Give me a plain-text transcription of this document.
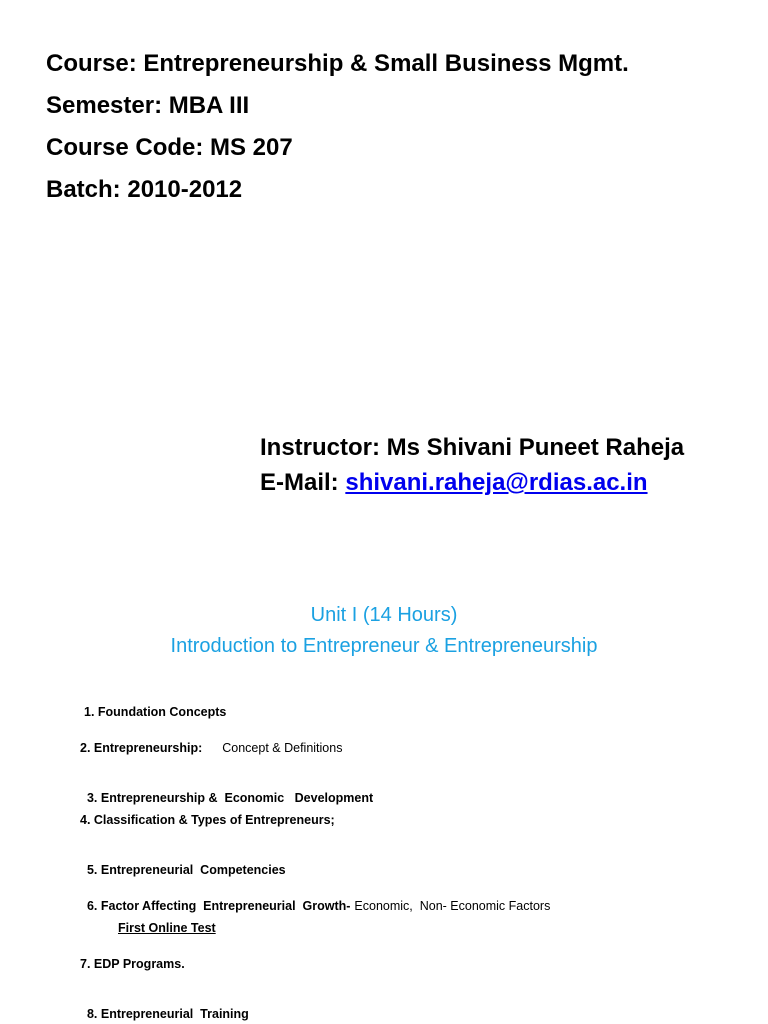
Course: Entrepreneurship & Small Business Mgmt.
Semester: MBA III
Course Code: MS 207
Batch: 2010-2012
Instructor: Ms Shivani Puneet Raheja
E-Mail: shivani.raheja@rdias.ac.in
Unit I (14 Hours)
Introduction to Entrepreneur & Entrepreneurship
1. Foundation Concepts
2. Entrepreneurship: Concept & Definitions

3. Entrepreneurship &  Economic   Development

4. Classification & Types of Entrepreneurs;

5. Entrepreneurial  Competencies

6. Factor Affecting  Entrepreneurial  Growth- Economic,  Non- Economic Factors

First Online Test
7. EDP Programs.

8. Entrepreneurial  Training
